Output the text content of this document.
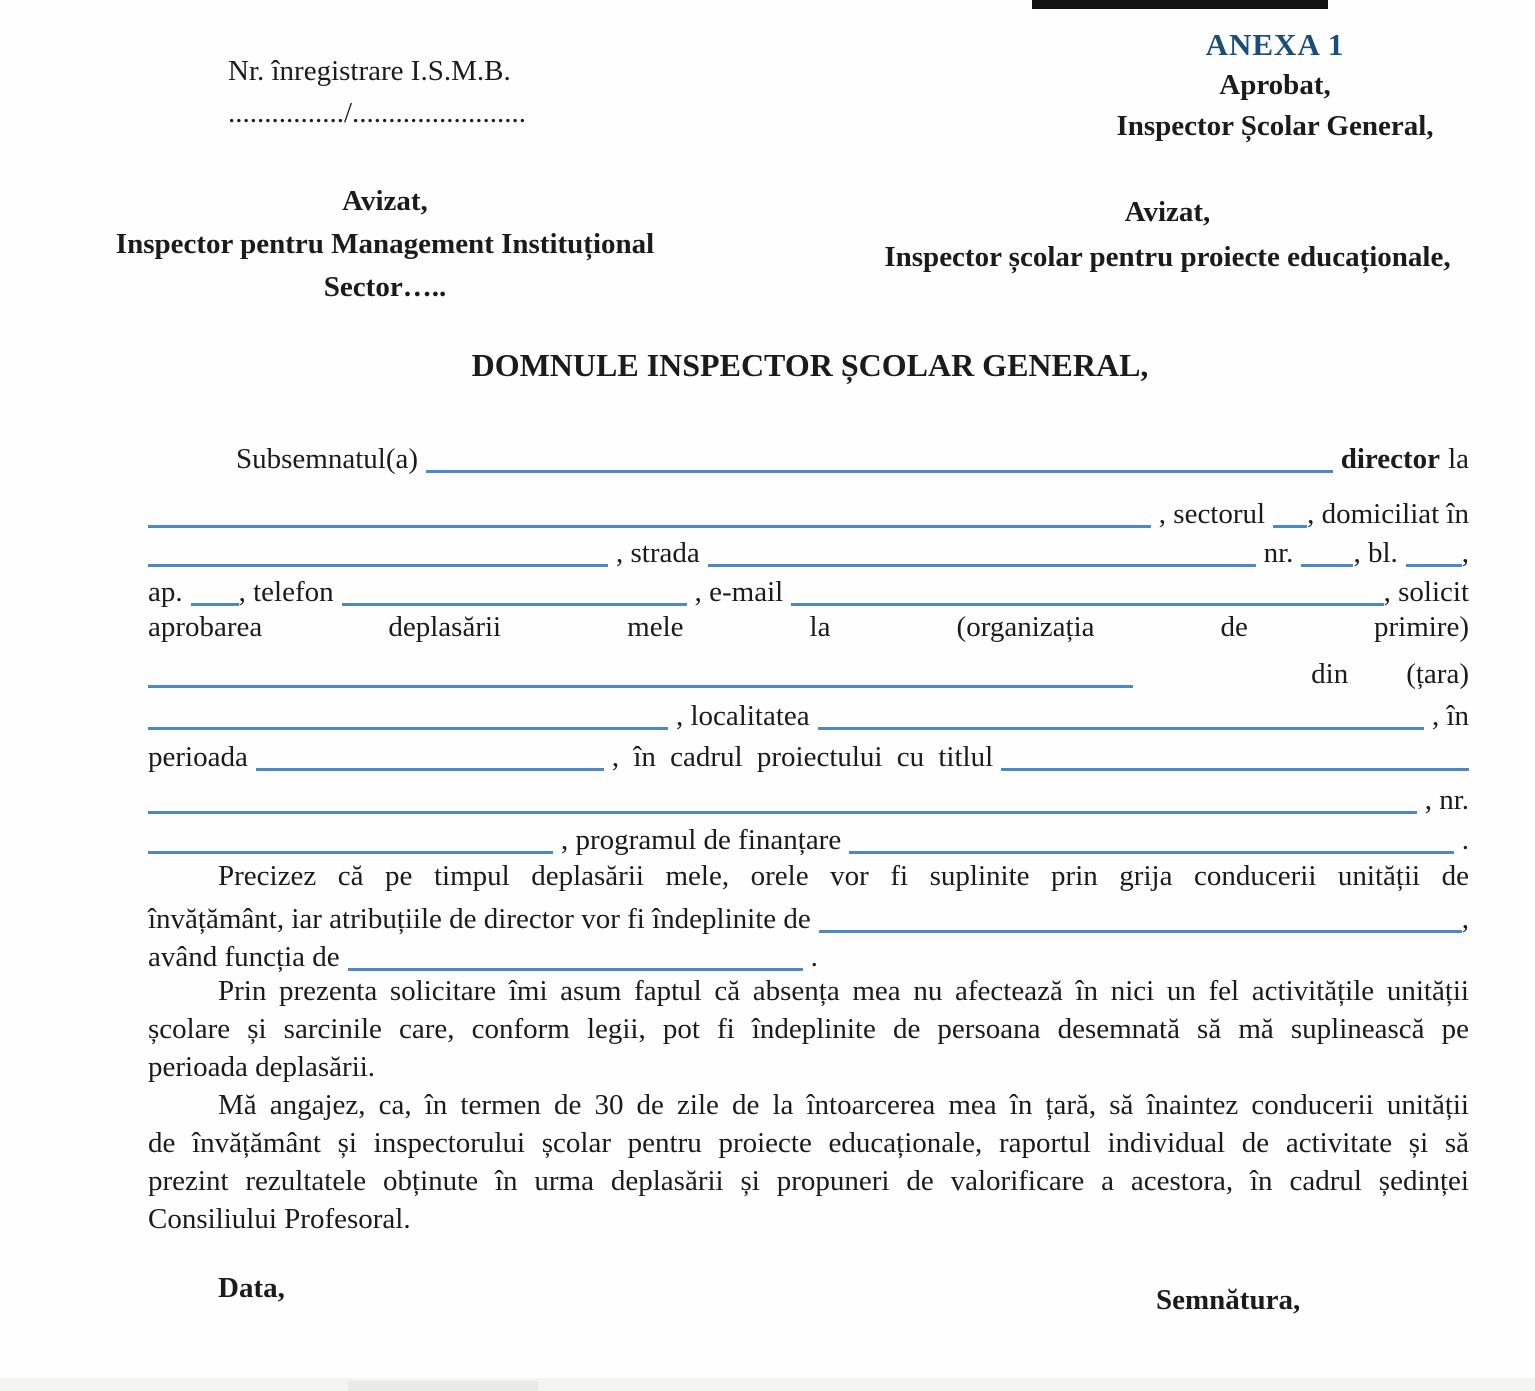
Nr. înregistrare I.S.M.B.
................/........................
ANEXA 1
Aprobat,
Inspector Școlar General,
Avizat,
Inspector pentru Management Instituțional
Sector…..
Avizat,
Inspector școlar pentru proiecte educaționale,
DOMNULE INSPECTOR ȘCOLAR GENERAL,
Subsemnatul(a)	director la
, sectorul , domiciliat în
, strada	nr. , bl. ,
ap. , telefon	, e-mail	, solicit
aprobarea deplasării mele la (organizația de primire)
din (țara)
, localitatea	, în
perioada	, în cadrul proiectului cu titlul
, nr.
, programul de finanțare	.
Precizez că pe timpul deplasării mele, orele vor fi suplinite prin grija conducerii unității de
învățământ, iar atribuțiile de director vor fi îndeplinite de	,
având funcția de	.
Prin prezenta solicitare îmi asum faptul că absența mea nu afectează în nici un fel activitățile unității
școlare și sarcinile care, conform legii, pot fi îndeplinite de persoana desemnată să mă suplinească pe
perioada deplasării.
Mă angajez, ca, în termen de 30 de zile de la întoarcerea mea în țară, să înaintez conducerii unității
de învățământ și inspectorului școlar pentru proiecte educaționale, raportul individual de activitate și să
prezint rezultatele obținute în urma deplasării și propuneri de valorificare a acestora, în cadrul ședinței
Consiliului Profesoral.
Data,	Semnătura,
